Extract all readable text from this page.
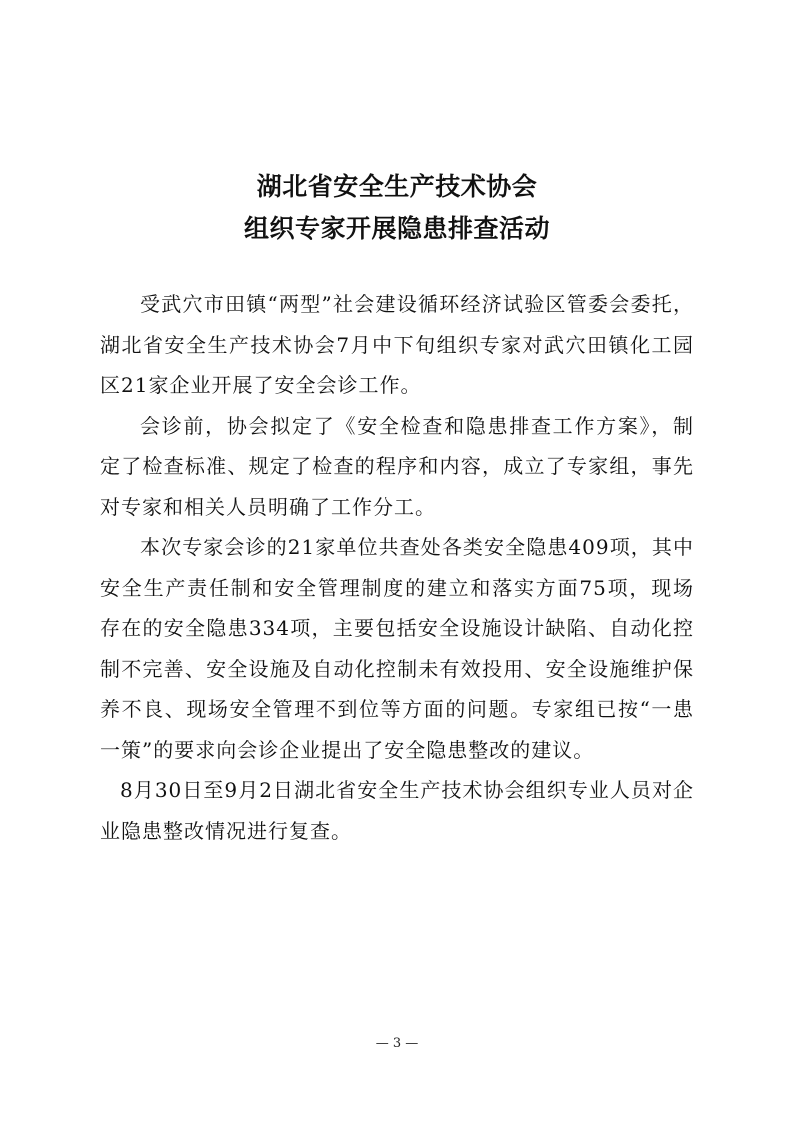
湖北省安全生产技术协会
组织专家开展隐患排查活动

受武穴市田镇“两型”社会建设循环经济试验区管委会委托，湖北省安全生产技术协会7月中下旬组织专家对武穴田镇化工园区21家企业开展了安全会诊工作。

会诊前，协会拟定了《安全检查和隐患排查工作方案》，制定了检查标准、规定了检查的程序和内容，成立了专家组，事先对专家和相关人员明确了工作分工。

本次专家会诊的21家单位共查处各类安全隐患409项，其中安全生产责任制和安全管理制度的建立和落实方面75项，现场存在的安全隐患334项，主要包括安全设施设计缺陷、自动化控制不完善、安全设施及自动化控制未有效投用、安全设施维护保养不良、现场安全管理不到位等方面的问题。专家组已按“一患一策”的要求向会诊企业提出了安全隐患整改的建议。

8月30日至9月2日湖北省安全生产技术协会组织专业人员对企业隐患整改情况进行复查。

— 3 —
